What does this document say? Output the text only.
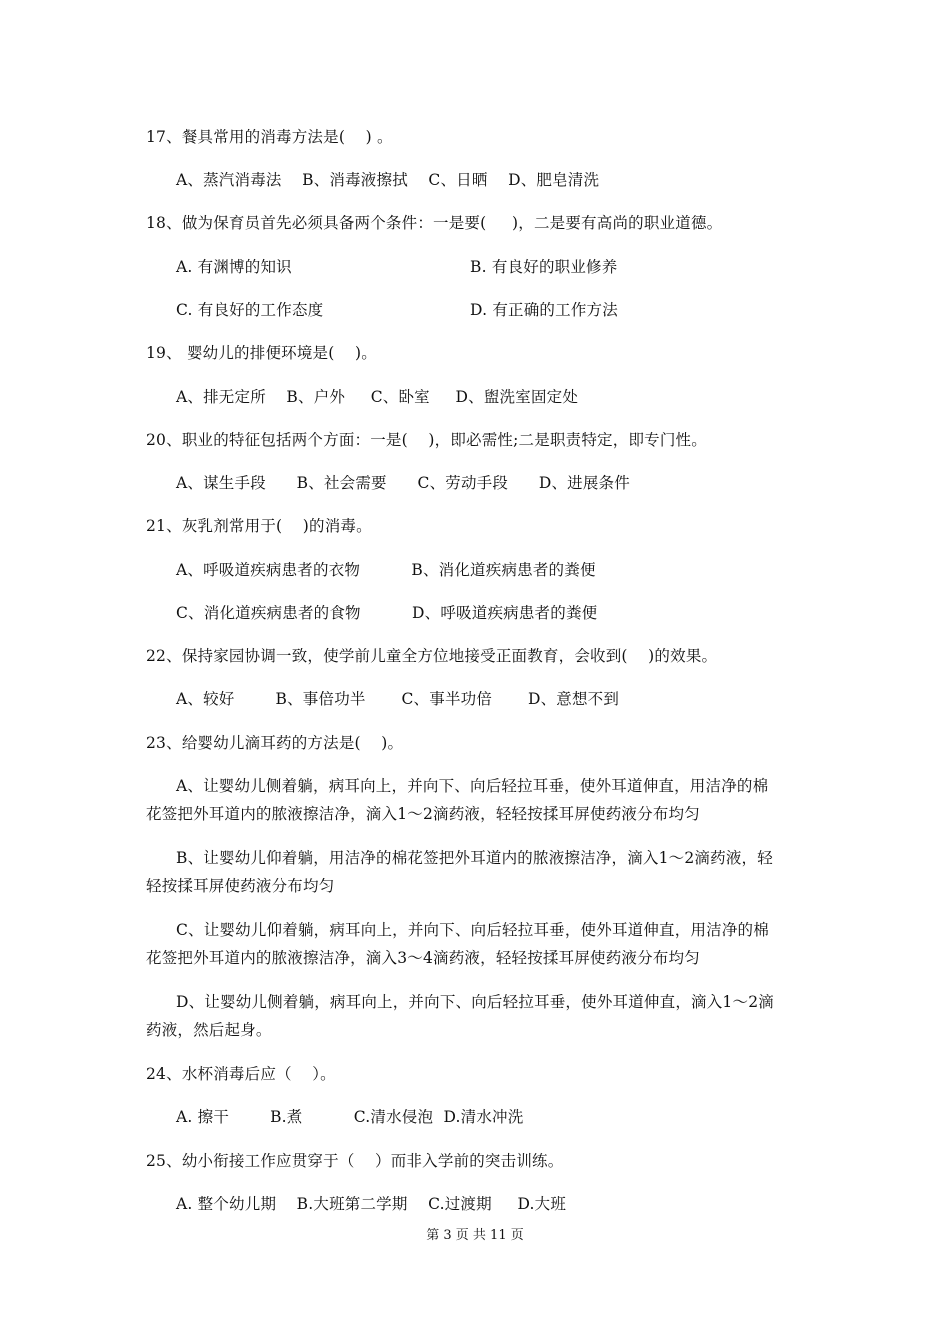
17、餐具常用的消毒方法是(    ) 。
A、蒸汽消毒法    B、消毒液擦拭    C、日晒    D、肥皂清洗
18、做为保育员首先必须具备两个条件：一是要(     )，二是要有高尚的职业道德。
A. 有渊博的知识	B. 有良好的职业修养
C. 有良好的工作态度	D. 有正确的工作方法
19、 婴幼儿的排便环境是(    )。
A、排无定所    B、户外     C、卧室     D、盥洗室固定处
20、职业的特征包括两个方面：一是(    )，即必需性;二是职责特定，即专门性。
A、谋生手段      B、社会需要      C、劳动手段      D、进展条件
21、灰乳剂常用于(    )的消毒。
A、呼吸道疾病患者的衣物          B、消化道疾病患者的粪便
C、消化道疾病患者的食物          D、呼吸道疾病患者的粪便
22、保持家园协调一致，使学前儿童全方位地接受正面教育，会收到(    )的效果。
A、较好        B、事倍功半       C、事半功倍       D、意想不到
23、给婴幼儿滴耳药的方法是(    )。
A、让婴幼儿侧着躺，病耳向上，并向下、向后轻拉耳垂，使外耳道伸直，用洁净的棉
花签把外耳道内的脓液擦洁净，滴入1～2滴药液，轻轻按揉耳屏使药液分布均匀
B、让婴幼儿仰着躺，用洁净的棉花签把外耳道内的脓液擦洁净，滴入1～2滴药液，轻
轻按揉耳屏使药液分布均匀
C、让婴幼儿仰着躺，病耳向上，并向下、向后轻拉耳垂，使外耳道伸直，用洁净的棉
花签把外耳道内的脓液擦洁净，滴入3～4滴药液，轻轻按揉耳屏使药液分布均匀
D、让婴幼儿侧着躺，病耳向上，并向下、向后轻拉耳垂，使外耳道伸直，滴入1～2滴
药液，然后起身。
24、水杯消毒后应（    ）。
A. 擦干        B.煮          C.清水侵泡  D.清水冲洗
25、幼小衔接工作应贯穿于（    ）而非入学前的突击训练。
A. 整个幼儿期    B.大班第二学期    C.过渡期     D.大班
第 3 页 共 11 页
